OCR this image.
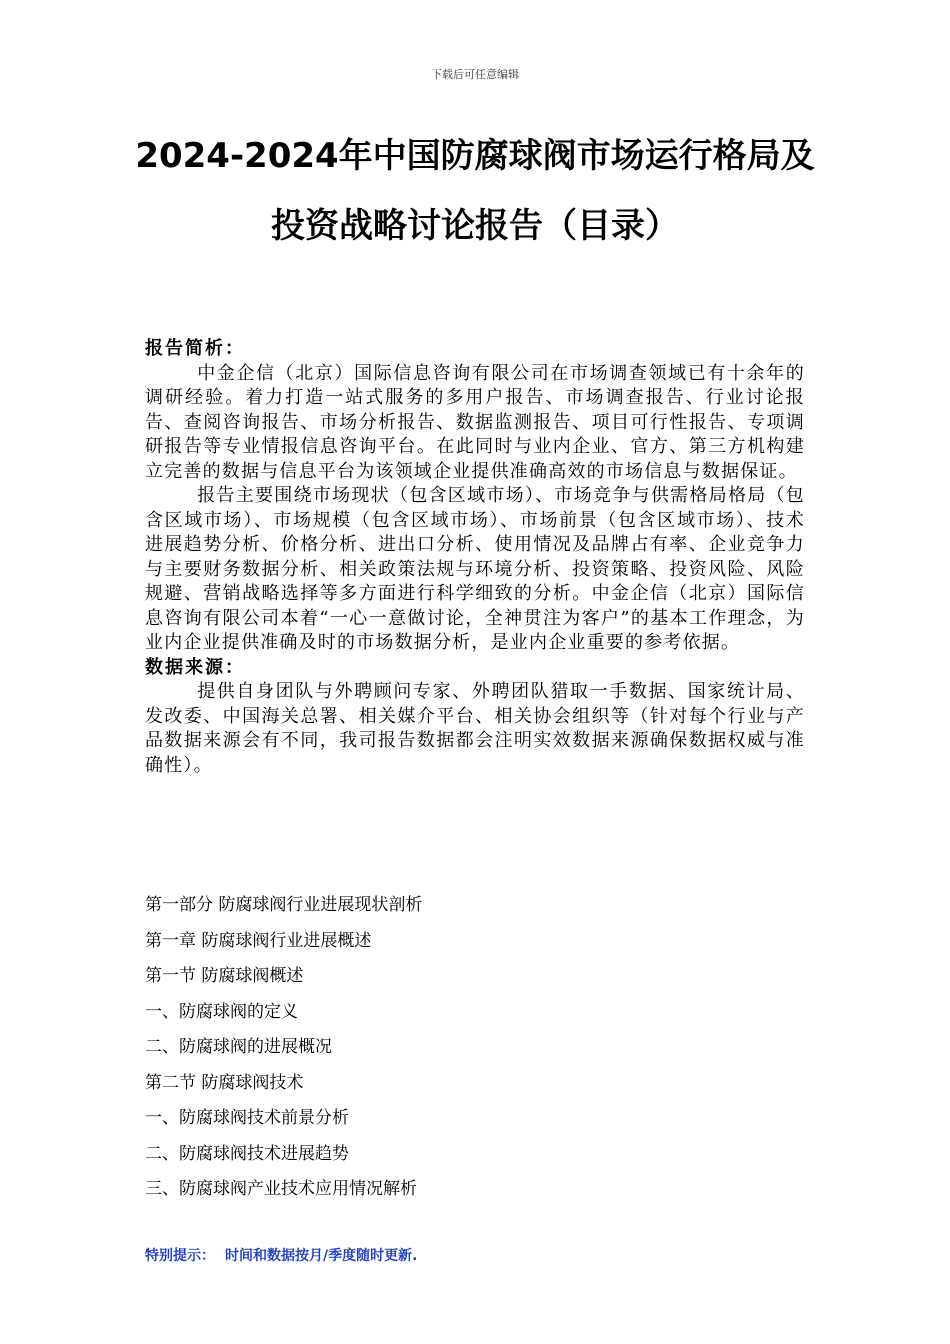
下载后可任意编辑
2024-2024年中国防腐球阀市场运行格局及
投资战略讨论报告（目录）
报告简析：

中金企信（北京）国际信息咨询有限公司在市场调查领域已有十余年的调研经验。着力打造一站式服务的多用户报告、市场调查报告、行业讨论报告、查阅咨询报告、市场分析报告、数据监测报告、项目可行性报告、专项调研报告等专业情报信息咨询平台。在此同时与业内企业、官方、第三方机构建立完善的数据与信息平台为该领域企业提供准确高效的市场信息与数据保证。

报告主要围绕市场现状（包含区域市场）、市场竞争与供需格局格局（包含区域市场）、市场规模（包含区域市场）、市场前景（包含区域市场）、技术进展趋势分析、价格分析、进出口分析、使用情况及品牌占有率、企业竞争力与主要财务数据分析、相关政策法规与环境分析、投资策略、投资风险、风险规避、营销战略选择等多方面进行科学细致的分析。中金企信（北京）国际信息咨询有限公司本着“一心一意做讨论，全神贯注为客户”的基本工作理念，为业内企业提供准确及时的市场数据分析，是业内企业重要的参考依据。

数据来源：

提供自身团队与外聘顾问专家、外聘团队猎取一手数据、国家统计局、发改委、中国海关总署、相关媒介平台、相关协会组织等（针对每个行业与产品数据来源会有不同，我司报告数据都会注明实效数据来源确保数据权威与准确性）。

第一部分 防腐球阀行业进展现状剖析
第一章 防腐球阀行业进展概述
第一节 防腐球阀概述
一、防腐球阀的定义
二、防腐球阀的进展概况
第二节 防腐球阀技术
一、防腐球阀技术前景分析
二、防腐球阀技术进展趋势
三、防腐球阀产业技术应用情况解析
特别提示： 时间和数据按月/季度随时更新.
